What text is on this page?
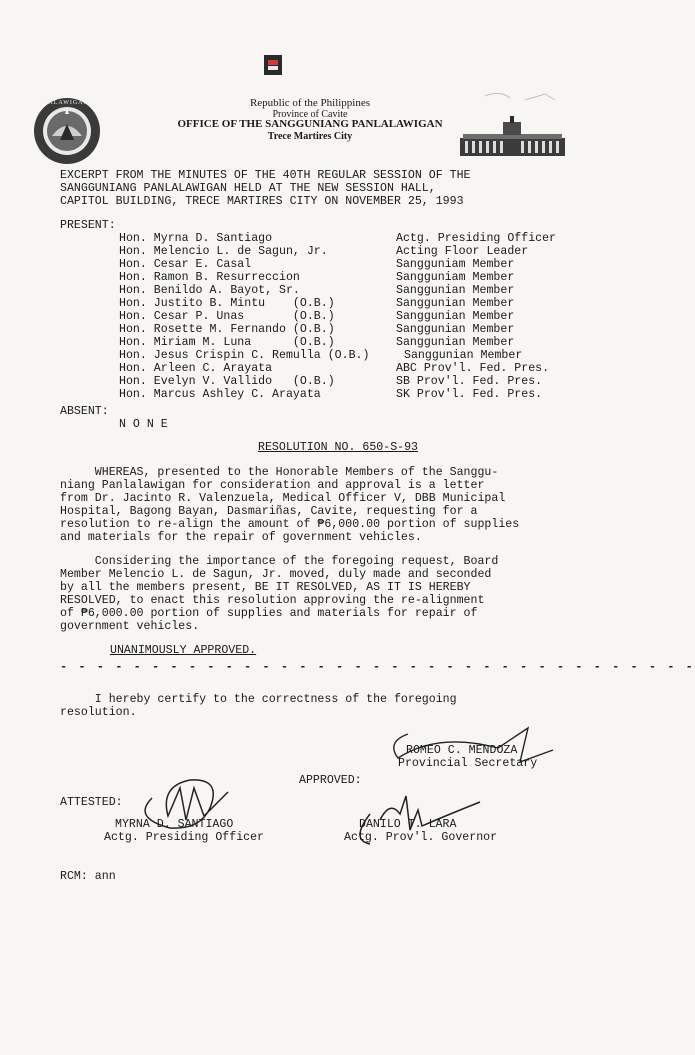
SALAWIGAN	Republic of the Philippines
Province of Cavite
OFFICE OF THE SANGGUNIANG PANLALAWIGAN
Trece Martires City
EXCERPT FROM THE MINUTES OF THE 40TH REGULAR SESSION OF THE
SANGGUNIANG PANLALAWIGAN HELD AT THE NEW SESSION HALL,
CAPITOL BUILDING, TRECE MARTIRES CITY ON NOVEMBER 25, 1993
PRESENT:
Hon. Myrna D. Santiago	Actg. Presiding Officer
Hon. Melencio L. de Sagun, Jr.	Acting Floor Leader
Hon. Cesar E. Casal	Sangguniam Member
Hon. Ramon B. Resurreccion	Sangguniam Member
Hon. Benildo A. Bayot, Sr.	Sanggunian Member
Hon. Justito B. Mintu    (O.B.)	Sanggunian Member
Hon. Cesar P. Unas       (O.B.)	Sanggunian Member
Hon. Rosette M. Fernando (O.B.)	Sanggunian Member
Hon. Miriam M. Luna      (O.B.)	Sanggunian Member
Hon. Jesus Crispin C. Remulla (O.B.)	Sanggunian Member
Hon. Arleen C. Arayata	ABC Prov'l. Fed. Pres.
Hon. Evelyn V. Vallido   (O.B.)	SB Prov'l. Fed. Pres.
Hon. Marcus Ashley C. Arayata	SK Prov'l. Fed. Pres.
ABSENT:
N O N E
RESOLUTION NO. 650-S-93
WHEREAS, presented to the Honorable Members of the Sanggu-
niang Panlalawigan for consideration and approval is a letter
from Dr. Jacinto R. Valenzuela, Medical Officer V, DBB Municipal
Hospital, Bagong Bayan, Dasmariñas, Cavite, requesting for a
resolution to re-align the amount of ₱6,000.00 portion of supplies
and materials for the repair of government vehicles.
Considering the importance of the foregoing request, Board
Member Melencio L. de Sagun, Jr. moved, duly made and seconded
by all the members present, BE IT RESOLVED, AS IT IS HEREBY
RESOLVED, to enact this resolution approving the re-alignment
of ₱6,000.00 portion of supplies and materials for repair of
government vehicles.
UNANIMOUSLY APPROVED.
- - - - - - - - - - - - - - - - - - - - - - - - - - - - - - - - - - -
I hereby certify to the correctness of the foregoing
resolution.
ROMEO C. MENDOZA
Provincial Secretary
ATTESTED:
MYRNA D. SANTIAGO
Actg. Presiding Officer
APPROVED:
DANILO T. LARA
Actg. Prov'l. Governor
RCM: ann
